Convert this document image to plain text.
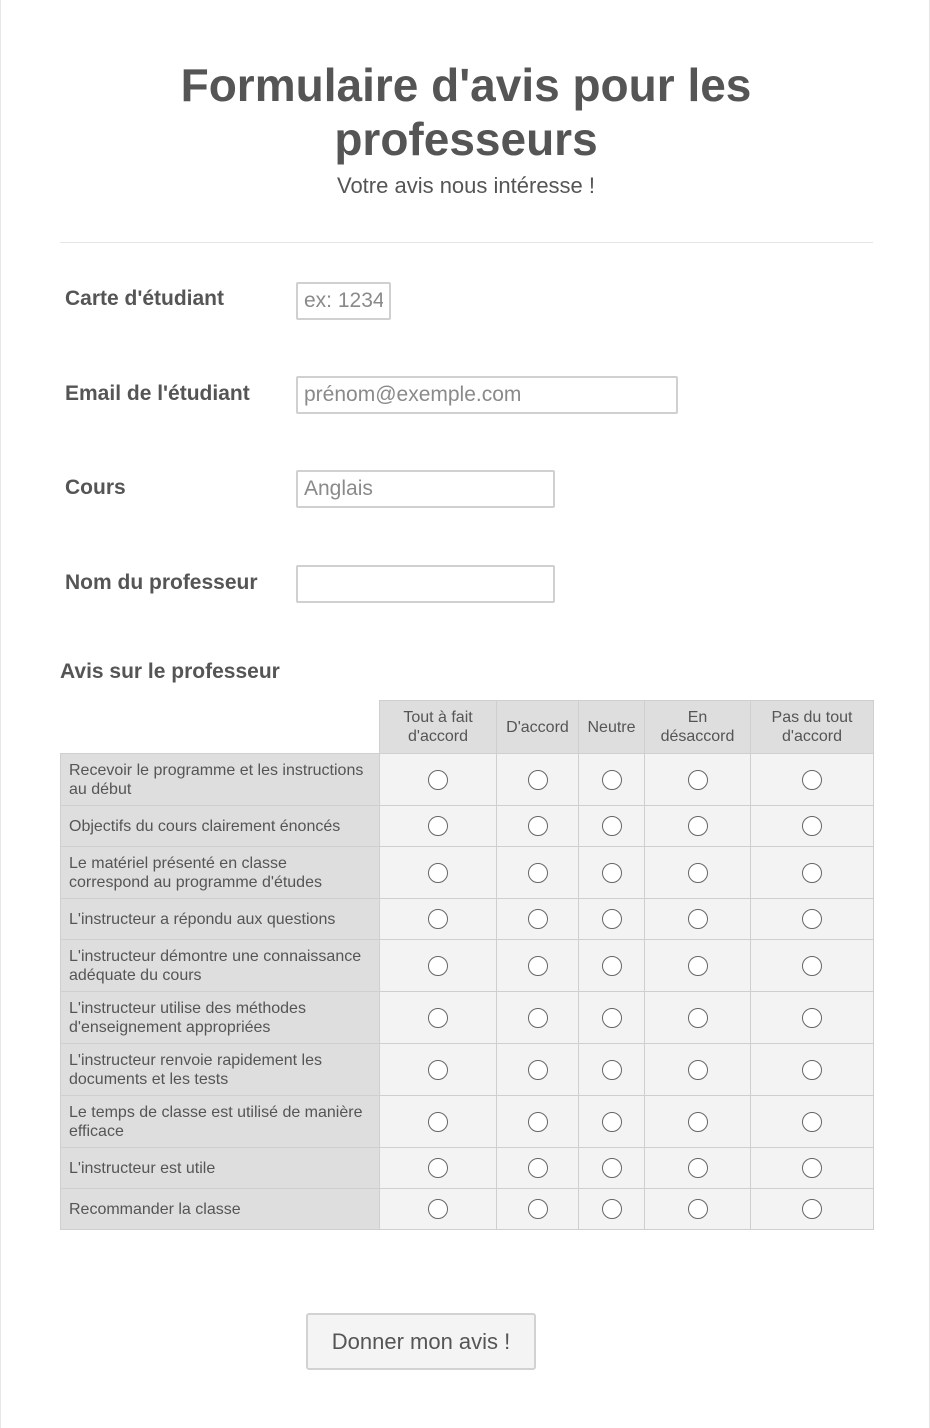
Formulaire d'avis pour les professeurs
Votre avis nous intéresse !
Carte d'étudiant
ex: 1234
Email de l'étudiant
prénom@exemple.com
Cours
Anglais
Nom du professeur
Avis sur le professeur
	Tout à fait d'accord	D'accord	Neutre	En désaccord	Pas du tout d'accord
Recevoir le programme et les instructions au début					
Objectifs du cours clairement énoncés					
Le matériel présenté en classe correspond au programme d'études					
L'instructeur a répondu aux questions					
L'instructeur démontre une connaissance adéquate du cours					
L'instructeur utilise des méthodes d'enseignement appropriées					
L'instructeur renvoie rapidement les documents et les tests					
Le temps de classe est utilisé de manière efficace					
L'instructeur est utile					
Recommander la classe					
Donner mon avis !
